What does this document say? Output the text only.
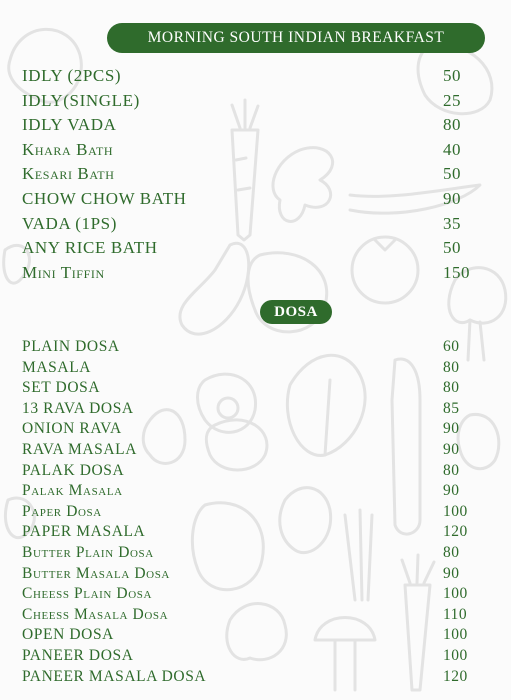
MORNING SOUTH INDIAN BREAKFAST
IDLY (2PCS)	50
IDLY(SINGLE)	25
IDLY VADA	80
Khara Bath	40
Kesari Bath	50
CHOW CHOW BATH	90
VADA (1PS)	35
ANY RICE BATH	50
Mini Tiffin	150
DOSA
PLAIN DOSA	60
MASALA	80
SET DOSA	80
13 RAVA DOSA	85
ONION RAVA	90
RAVA MASALA	90
PALAK DOSA	80
Palak Masala	90
Paper Dosa	100
PAPER MASALA	120
Butter Plain Dosa	80
Butter Masala Dosa	90
Cheess Plain Dosa	100
Cheess Masala Dosa	110
OPEN DOSA	100
PANEER DOSA	100
PANEER MASALA DOSA	120
